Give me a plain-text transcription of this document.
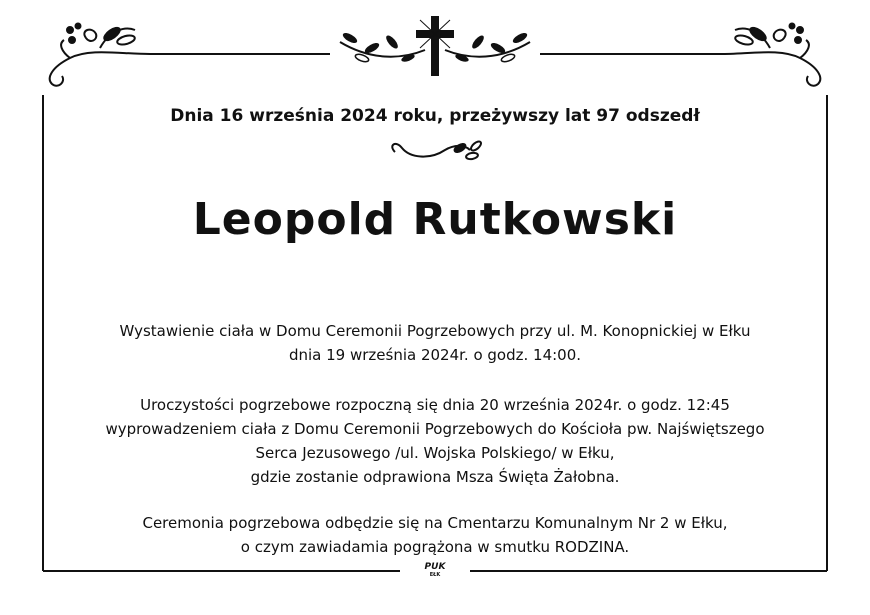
Dnia 16 września 2024 roku, przeżywszy lat 97 odszedł
Leopold Rutkowski
Wystawienie ciała w Domu Ceremonii Pogrzebowych przy ul. M. Konopnickiej w Ełku
dnia 19 września 2024r. o godz. 14:00.
Uroczystości pogrzebowe rozpoczną się dnia 20 września 2024r. o godz. 12:45
wyprowadzeniem ciała z Domu Ceremonii Pogrzebowych do Kościoła pw. Najświętszego
Serca Jezusowego /ul. Wojska Polskiego/ w Ełku,
gdzie zostanie odprawiona Msza Święta Żałobna.
Ceremonia pogrzebowa odbędzie się na Cmentarzu Komunalnym Nr 2 w Ełku,
o czym zawiadamia pogrążona w smutku RODZINA.
PUK
EŁK
